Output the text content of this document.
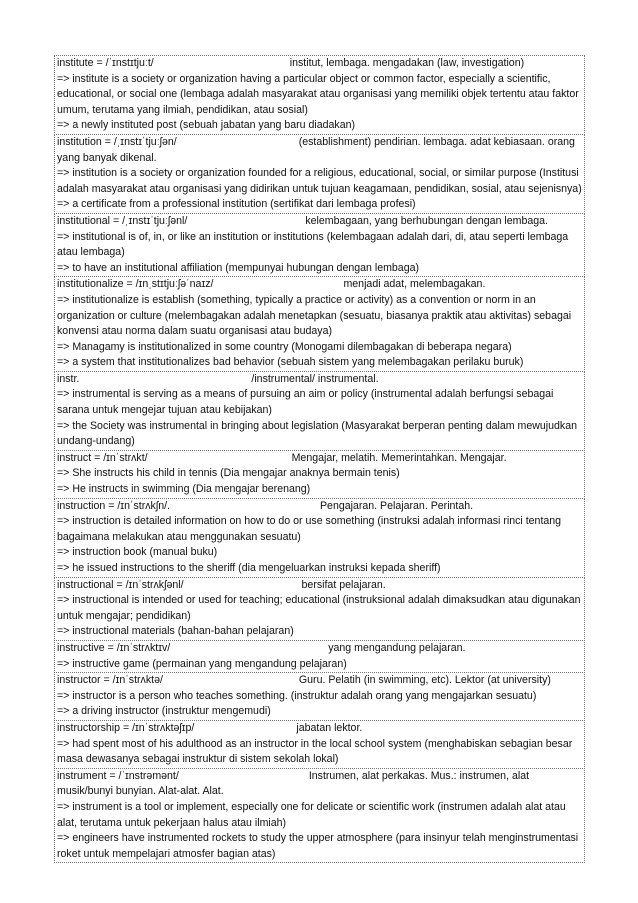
institute = /ˈɪnstɪtjuːt/	institut, lembaga. mengadakan (law, investigation)
=> institute is a society or organization having a particular object or common factor, especially a scientific, educational, or social one (lembaga adalah masyarakat atau organisasi yang memiliki objek tertentu atau faktor umum, terutama yang ilmiah, pendidikan, atau sosial)
=> a newly instituted post (sebuah jabatan yang baru diadakan)
institution = /ˌɪnstɪˈtjuːʃən/	(establishment) pendirian. lembaga. adat kebiasaan. orang yang banyak dikenal.
=> institution is a society or organization founded for a religious, educational, social, or similar purpose (Institusi adalah masyarakat atau organisasi yang didirikan untuk tujuan keagamaan, pendidikan, sosial, atau sejenisnya)
=> a certificate from a professional institution (sertifikat dari lembaga profesi)
institutional = /ˌɪnstɪˈtjuːʃənl/	kelembagaan, yang berhubungan dengan lembaga.
=> institutional is of, in, or like an institution or institutions (kelembagaan adalah dari, di, atau seperti lembaga atau lembaga)
=> to have an institutional affiliation (mempunyai hubungan dengan lembaga)
institutionalize = /ɪnˌstɪtjuːʃəˈnaɪz/	menjadi adat, melembagakan.
=> institutionalize is establish (something, typically a practice or activity) as a convention or norm in an organization or culture (melembagakan adalah menetapkan (sesuatu, biasanya praktik atau aktivitas) sebagai konvensi atau norma dalam suatu organisasi atau budaya)
=> Managamy is institutionalized in some country (Monogami dilembagakan di beberapa negara)
=> a system that institutionalizes bad behavior (sebuah sistem yang melembagakan perilaku buruk)
instr.	/instrumental/ instrumental.
=> instrumental is serving as a means of pursuing an aim or policy (instrumental adalah berfungsi sebagai sarana untuk mengejar tujuan atau kebijakan)
=> the Society was instrumental in bringing about legislation (Masyarakat berperan penting dalam mewujudkan undang-undang)
instruct = /ɪnˈstrʌkt/	Mengajar, melatih. Memerintahkan. Mengajar.
=> She instructs his child in tennis (Dia mengajar anaknya bermain tenis)
=> He instructs in swimming (Dia mengajar berenang)
instruction = /ɪnˈstrʌkʃn/.	Pengajaran. Pelajaran. Perintah.
=> instruction is detailed information on how to do or use something (instruksi adalah informasi rinci tentang bagaimana melakukan atau menggunakan sesuatu)
=> instruction book (manual buku)
=> he issued instructions to the sheriff (dia mengeluarkan instruksi kepada sheriff)
instructional = /ɪnˈstrʌkʃənl/	bersifat pelajaran.
=> instructional is intended or used for teaching; educational (instruksional adalah dimaksudkan atau digunakan untuk mengajar; pendidikan)
=> instructional materials (bahan-bahan pelajaran)
instructive = /ɪnˈstrʌktɪv/	yang mengandung pelajaran.
=> instructive game (permainan yang mengandung pelajaran)
instructor = /ɪnˈstrʌktə/	Guru. Pelatih (in swimming, etc). Lektor (at university)
=> instructor is a person who teaches something. (instruktur adalah orang yang mengajarkan sesuatu)
=> a driving instructor (instruktur mengemudi)
instructorship = /ɪnˈstrʌktəʃɪp/	jabatan lektor.
=> had spent most of his adulthood as an instructor in the local school system (menghabiskan sebagian besar masa dewasanya sebagai instruktur di sistem sekolah lokal)
instrument = /ˈɪnstrəmənt/	Instrumen, alat perkakas. Mus.: instrumen, alat musik/bunyi bunyian. Alat-alat. Alat.
=> instrument is a tool or implement, especially one for delicate or scientific work (instrumen adalah alat atau alat, terutama untuk pekerjaan halus atau ilmiah)
=> engineers have instrumented rockets to study the upper atmosphere (para insinyur telah menginstrumentasi roket untuk mempelajari atmosfer bagian atas)
